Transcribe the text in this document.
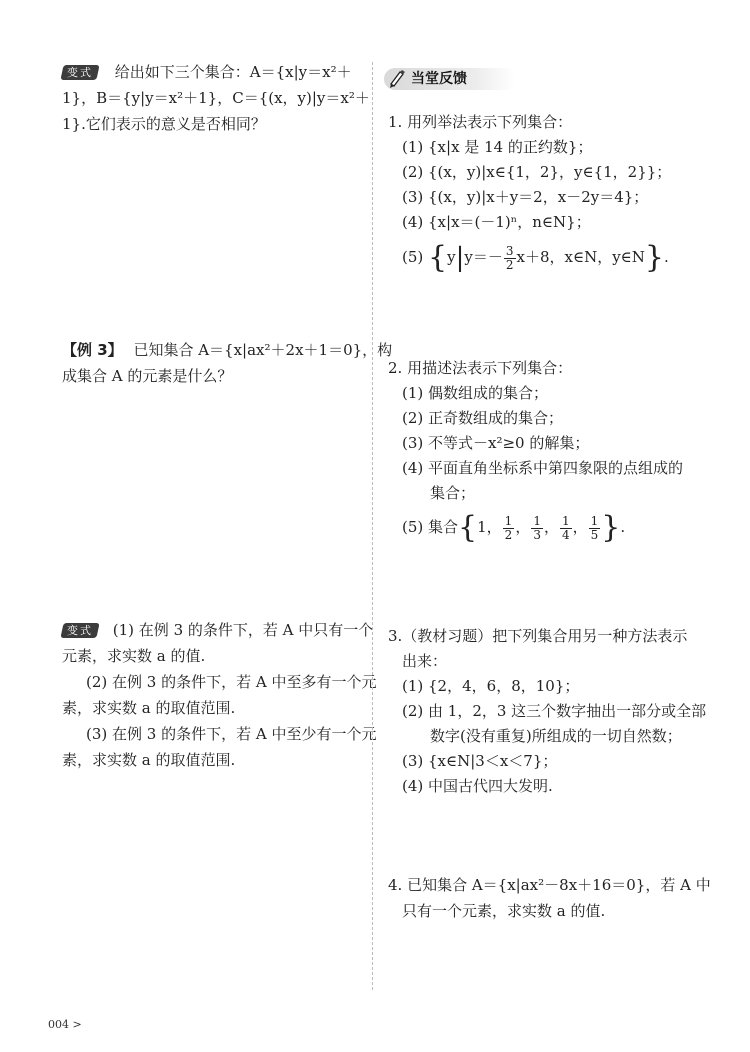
变式 给出如下三个集合：A＝{x|y＝x²＋
1}，B＝{y|y＝x²＋1}，C＝{(x，y)|y＝x²＋
1}.它们表示的意义是否相同？
【例 3】 已知集合 A＝{x|ax²＋2x＋1＝0}，构
成集合 A 的元素是什么？
变式 (1) 在例 3 的条件下，若 A 中只有一个
元素，求实数 a 的值.
(2) 在例 3 的条件下，若 A 中至多有一个元
素，求实数 a 的取值范围.
(3) 在例 3 的条件下，若 A 中至少有一个元
素，求实数 a 的取值范围.
当堂反馈
1. 用列举法表示下列集合：
(1) {x|x 是 14 的正约数}；
(2) {(x，y)|x∈{1，2}，y∈{1，2}}；
(3) {(x，y)|x＋y＝2，x－2y＝4}；
(4) {x|x＝(－1)ⁿ，n∈N}；
(5) {$y|y=- \frac{3}{2} x+8$，x∈N，y∈N}.
2. 用描述法表示下列集合：
(1) 偶数组成的集合；
(2) 正奇数组成的集合；
(3) 不等式－x²≥0 的解集；
(4) 平面直角坐标系中第四象限的点组成的
集合；
(5) 集合{1， $\frac{1}{2}$ ， $\frac{1}{3}$ ， $\frac{1}{4}$ ， $\frac{1}{5}$ }.
3.（教材习题）把下列集合用另一种方法表示
出来：
(1) {2，4，6，8，10}；
(2) 由 1，2，3 这三个数字抽出一部分或全部
数字(没有重复)所组成的一切自然数；
(3) {x∈N|3＜x＜7}；
(4) 中国古代四大发明.
4. 已知集合 A＝{x|ax²－8x＋16＝0}，若 A 中
只有一个元素，求实数 a 的值.
004 >
